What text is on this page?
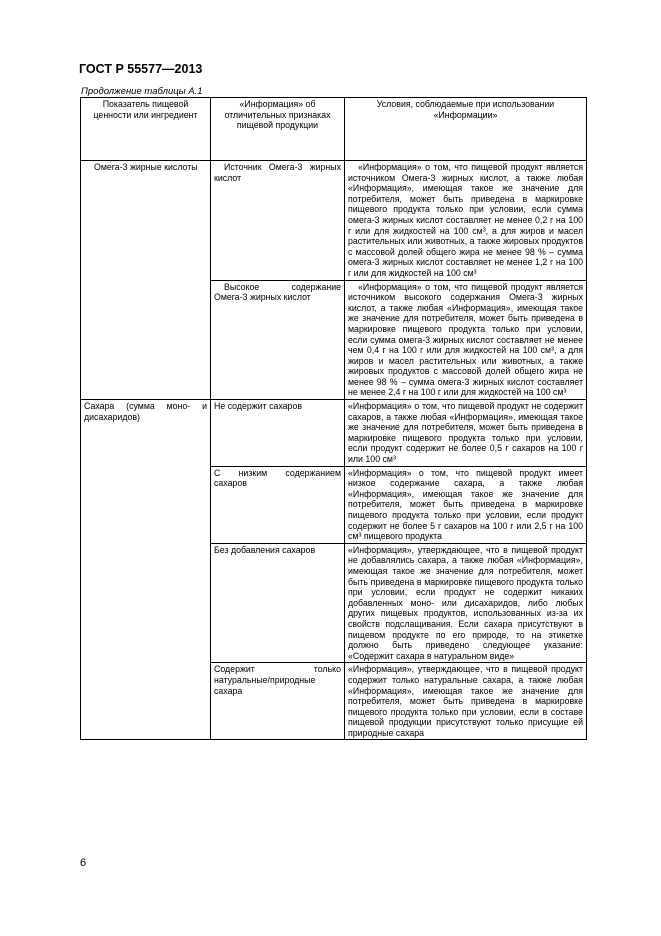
ГОСТ Р 55577—2013
Продолжение таблицы А.1
Показатель пищевой ценности или ингредиент	«Информация» об отличительных признаках пищевой продукции	Условия, соблюдаемые при использовании «Информации»
Омега-3 жирные кислоты	Источник Омега-3 жирных кислот	«Информация» о том, что пищевой продукт является источником Омега-3 жирных кислот, а также любая «Информация», имеющая такое же значение для потребителя, может быть приведена в маркировке пищевого продукта только при условии, если сумма омега-3 жирных кислот составляет не менее 0,2 г на 100 г или для жидкостей на 100 см³, а для жиров и масел растительных или животных, а также жировых продуктов с массовой долей общего жира не менее 98 % – сумма омега-3 жирных кислот составляет не менее 1,2 г на 100 г или для жидкостей на 100 см³
	Высокое содержание Омега-3 жирных кислот	«Информация» о том, что пищевой продукт является источником высокого содержания Омега-3 жирных кислот, а также любая «Информация», имеющая такое же значение для потребителя, может быть приведена в маркировке пищевого продукта только при условии, если сумма омега-3 жирных кислот составляет не менее чем 0,4 г на 100 г или для жидкостей на 100 см³, а для жиров и масел растительных или животных, а также жировых продуктов с массовой долей общего жира не менее 98 % – сумма омега-3 жирных кислот составляет не менее 2,4 г на 100 г или для жидкостей на 100 см³
Сахара (сумма моно- и дисахаридов)	Не содержит сахаров	«Информация» о том, что пищевой продукт не содержит сахаров, а также любая «Информация», имеющая такое же значение для потребителя, может быть приведена в маркировке пищевого продукта только при условии, если продукт содержит не более 0,5 г сахаров на 100 г или 100 см³
	С низким содержанием сахаров	«Информация» о том, что пищевой продукт имеет низкое содержание сахара, а также любая «Информация», имеющая такое же значение для потребителя, может быть приведена в маркировке пищевого продукта только при условии, если продукт содержит не более 5 г сахаров на 100 г или 2,5 г на 100 см³ пищевого продукта
	Без добавления сахаров	«Информация», утверждающее, что в пищевой продукт не добавлялись сахара, а также любая «Информация», имеющая такое же значение для потребителя, может быть приведена в маркировке пищевого продукта только при условии, если продукт не содержит никаких добавленных моно- или дисахаридов, либо любых других пищевых продуктов, использованных из-за их свойств подслащивания. Если сахара присутствуют в пищевом продукте по его природе, то на этикетке должно быть приведено следующее указание: «Содержит сахара в натуральном виде»
	Содержит только натуральные/природные сахара	«Информация», утверждающее, что в пищевой продукт содержит только натуральные сахара, а также любая «Информация», имеющая такое же значение для потребителя, может быть приведена в маркировке пищевого продукта только при условии, если в составе пищевой продукции присутствуют только присущие ей природные сахара
6
